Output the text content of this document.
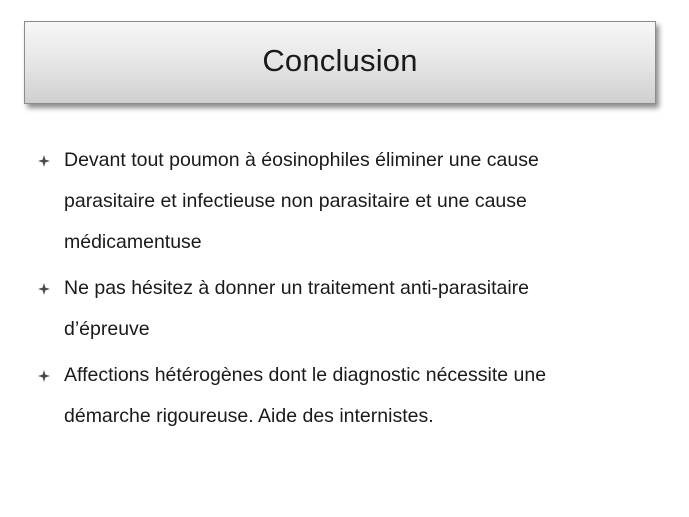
Conclusion
Devant tout poumon à éosinophiles éliminer une cause
parasitaire et infectieuse non parasitaire et une cause
médicamentuse
Ne pas hésitez à donner un traitement anti-parasitaire
d’épreuve
Affections hétérogènes dont le diagnostic nécessite une
démarche rigoureuse. Aide des internistes.
